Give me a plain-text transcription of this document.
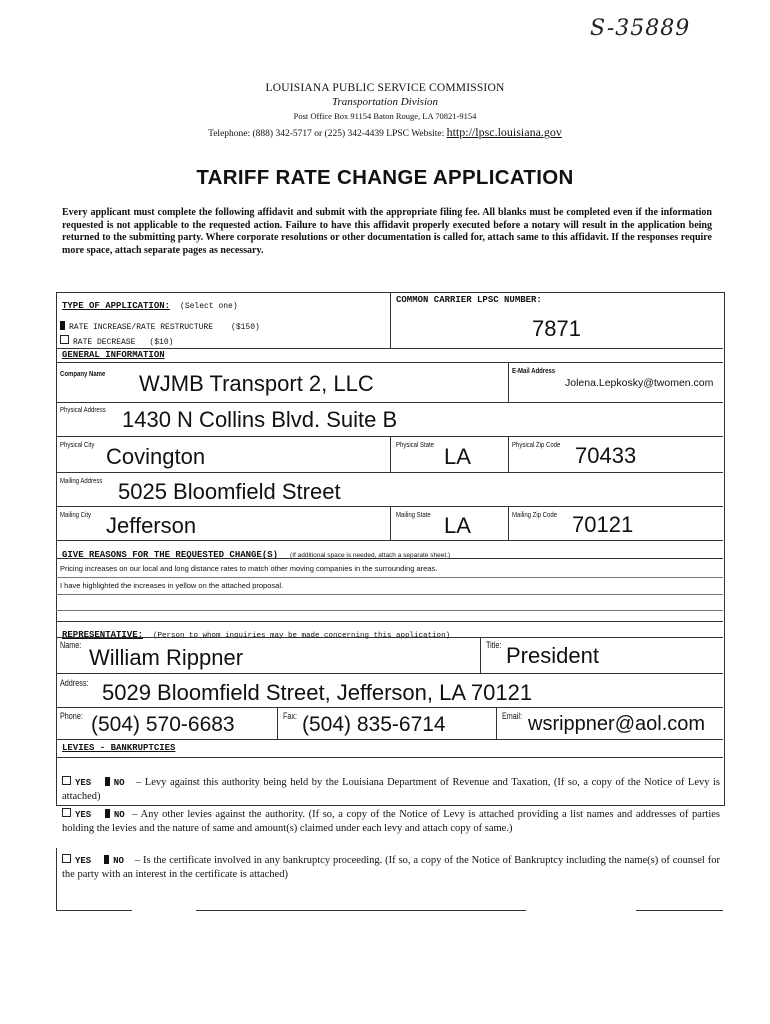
S-35889
LOUISIANA PUBLIC SERVICE COMMISSION
Transportation Division
Post Office Box 91154 Baton Rouge, LA 70821-9154
Telephone: (888) 342-5717 or (225) 342-4439 LPSC Website: http://lpsc.louisiana.gov
TARIFF RATE CHANGE APPLICATION
Every applicant must complete the following affidavit and submit with the appropriate filing fee. All blanks must be completed even if the information requested is not applicable to the requested action. Failure to have this affidavit properly executed before a notary will result in the application being returned to the submitting party. Where corporate resolutions or other documentation is called for, attach same to this affidavit. If the responses require more space, attach separate pages as necessary.
TYPE OF APPLICATION: (Select one)
RATE INCREASE/RATE RESTRUCTURE ($150)
RATE DECREASE ($10)
COMMON CARRIER LPSC NUMBER:
7871
GENERAL INFORMATION
Company Name WJMB Transport 2, LLC
E-Mail Address
Jolena.Lepkosky@twomen.com
Physical Address 1430 N Collins Blvd. Suite B
Physical City Covington	Physical State LA	Physical Zip Code 70433
Mailing Address 5025 Bloomfield Street
Mailing City Jefferson	Mailing State LA	Mailing Zip Code 70121
GIVE REASONS FOR THE REQUESTED CHANGE(S) (If additional space is needed, attach a separate sheet.)
Pricing increases on our local and long distance rates to match other moving companies in the surrounding areas.
I have highlighted the increases in yellow on the attached proposal.
REPRESENTATIVE: (Person to whom inquiries may be made concerning this application)
Name: William Rippner	Title: President
Address: 5029 Bloomfield Street, Jefferson, LA 70121
Phone: (504) 570-6683	Fax: (504) 835-6714	Email: wsrippner@aol.com
LEVIES - BANKRUPTCIES
YES	NO – Levy against this authority being held by the Louisiana Department of Revenue and Taxation, (If so, a copy of the Notice of Levy is attached)
YES	NO – Any other levies against the authority. (If so, a copy of the Notice of Levy is attached providing a list names and addresses of parties holding the levies and the nature of same and amount(s) claimed under each levy and attach copy of same.)
YES NO – Is the certificate involved in any bankruptcy proceeding. (If so, a copy of the Notice of Bankruptcy including the name(s) of counsel for the party with an interest in the certificate is attached)
